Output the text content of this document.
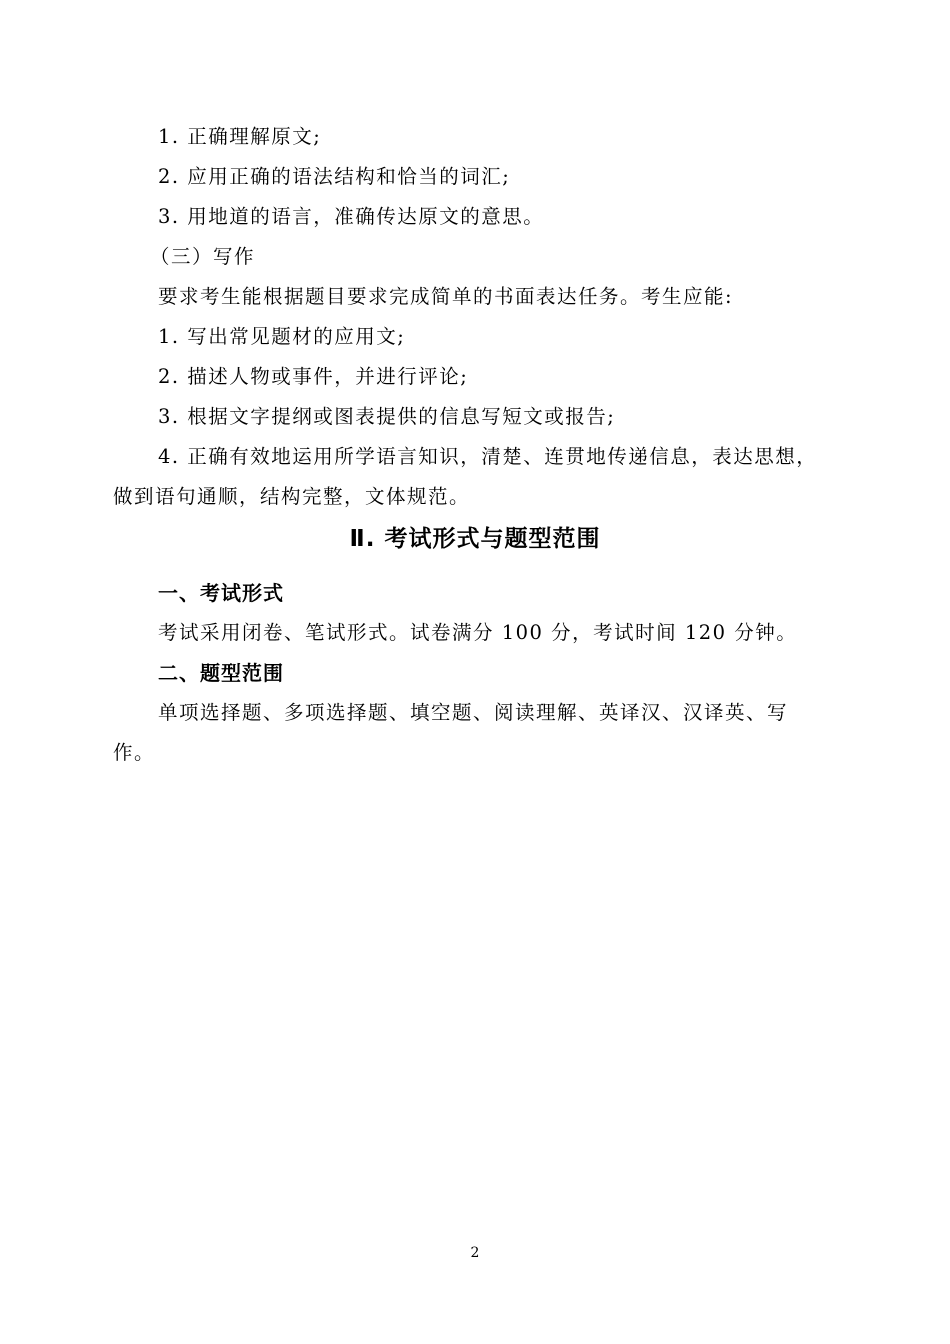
1. 正确理解原文;
2. 应用正确的语法结构和恰当的词汇;
3. 用地道的语言，准确传达原文的意思。
（三）写作
要求考生能根据题目要求完成简单的书面表达任务。考生应能:
1. 写出常见题材的应用文;
2. 描述人物或事件，并进行评论;
3. 根据文字提纲或图表提供的信息写短文或报告;
4. 正确有效地运用所学语言知识，清楚、连贯地传递信息，表达思想，
做到语句通顺，结构完整，文体规范。
Ⅱ. 考试形式与题型范围
一、考试形式
考试采用闭卷、笔试形式。试卷满分 100 分，考试时间 120 分钟。
二、题型范围
单项选择题、多项选择题、填空题、阅读理解、英译汉、汉译英、写
作。
2
